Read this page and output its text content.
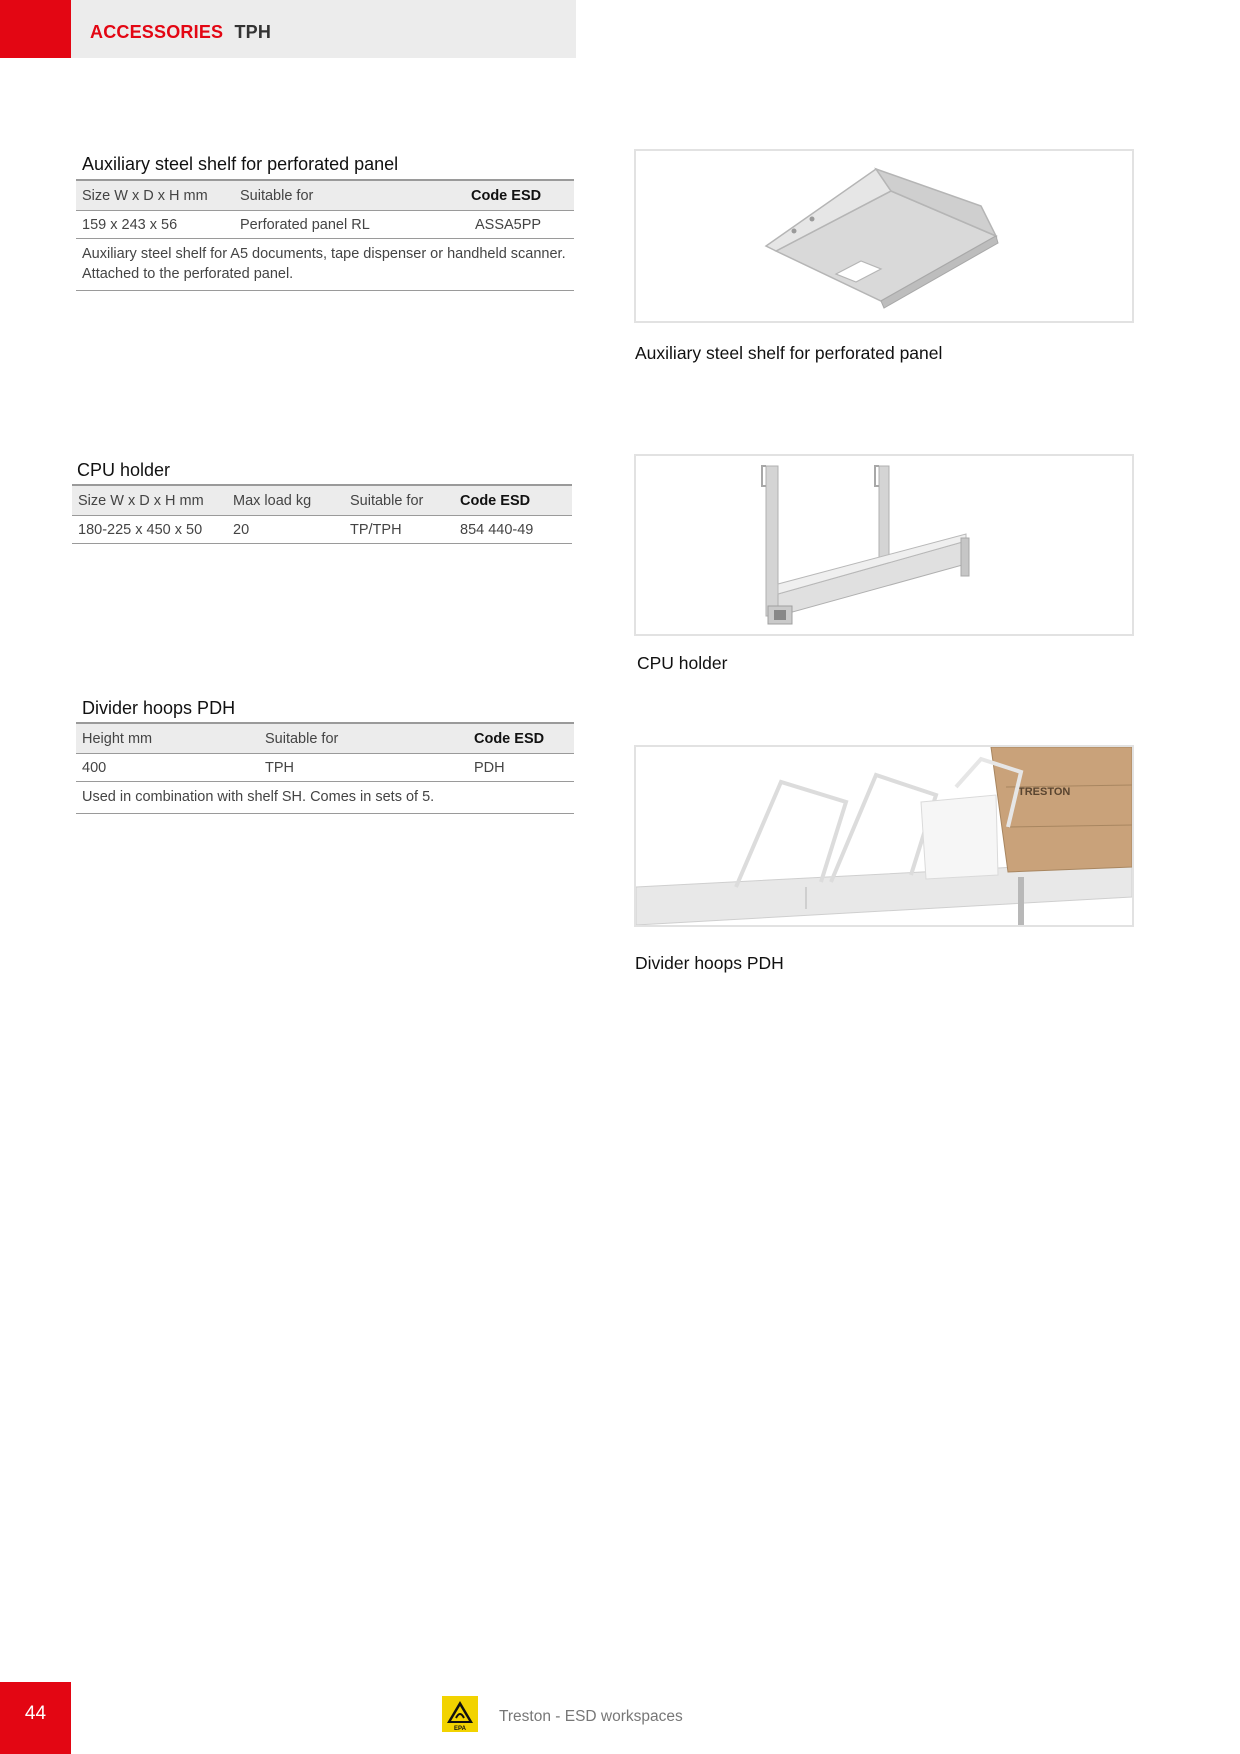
ACCESSORIES TPH
Auxiliary steel shelf for perforated panel
Size W x D x H mm	Suitable for	Code ESD
159 x 243 x 56	Perforated panel RL	ASSA5PP
Auxiliary steel shelf for A5 documents, tape dispenser or handheld scanner. Attached to the perforated panel.		
Auxiliary steel shelf for perforated panel
CPU holder
Size W x D x H mm	Max load kg	Suitable for	Code ESD
180-225 x 450 x 50	20	TP/TPH	854 440-49
CPU holder
Divider hoops PDH
Height mm	Suitable for	Code ESD
400	TPH	PDH
Used in combination with shelf SH. Comes in sets of 5.			TRESTON
Divider hoops PDH
44
EPA
Treston - ESD workspaces
